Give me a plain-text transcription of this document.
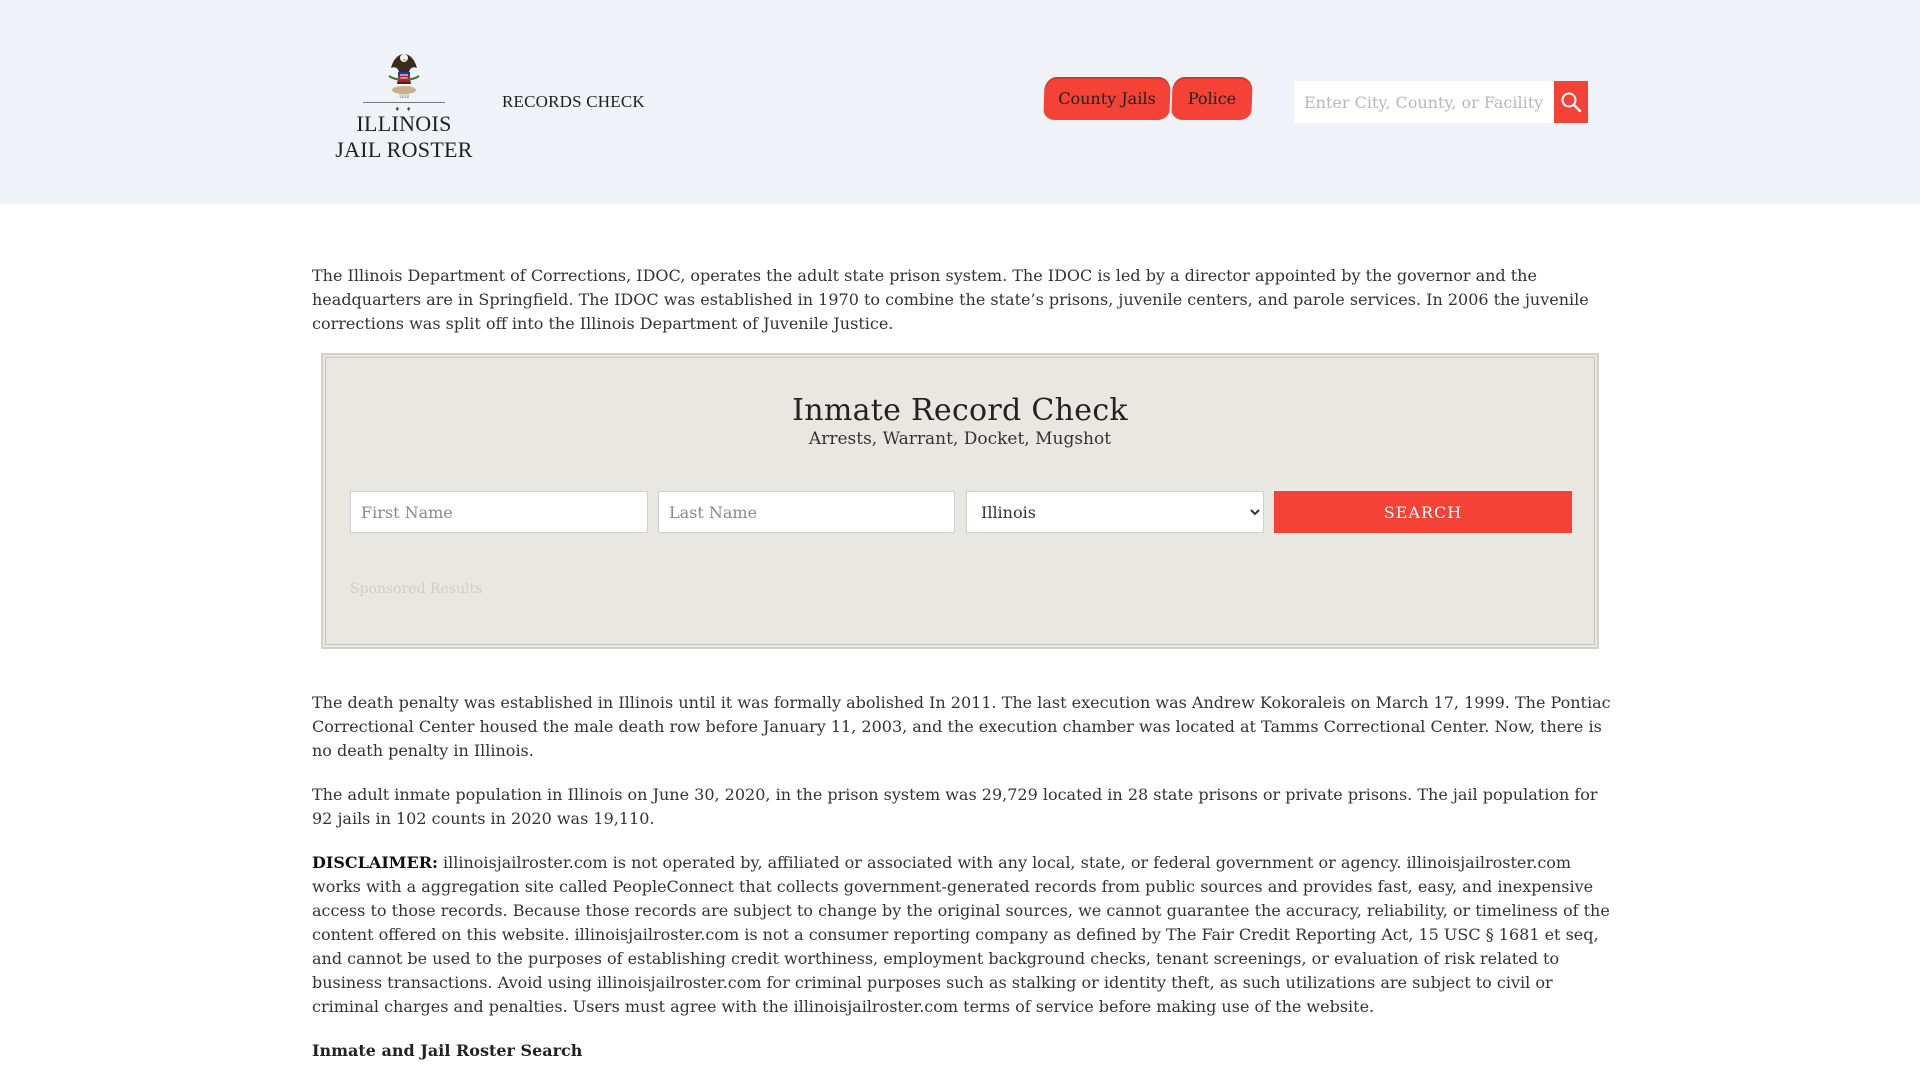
1818
♦ ♦
ILLINOIS
JAIL ROSTER
RECORDS CHECK	County Jails	Police
Enter City, County, or Facility

The Illinois Department of Corrections, IDOC, operates the adult state prison system. The IDOC is led by a director appointed by the governor and the headquarters are in Springfield. The IDOC was established in 1970 to combine the state’s prisons, juvenile centers, and parole services. In 2006 the juvenile corrections was split off into the Illinois Department of Juvenile Justice.

Inmate Record Check
Arrests, Warrant, Docket, Mugshot
First Name
Last Name
Illinois
SEARCH
Sponsored Results

The death penalty was established in Illinois until it was formally abolished In 2011. The last execution was Andrew Kokoraleis on March 17, 1999. The Pontiac Correctional Center housed the male death row before January 11, 2003, and the execution chamber was located at Tamms Correctional Center. Now, there is no death penalty in Illinois.

The adult inmate population in Illinois on June 30, 2020, in the prison system was 29,729 located in 28 state prisons or private prisons. The jail population for 92 jails in 102 counts in 2020 was 19,110.

DISCLAIMER: illinoisjailroster.com is not operated by, affiliated or associated with any local, state, or federal government or agency. illinoisjailroster.com works with a aggregation site called PeopleConnect that collects government-generated records from public sources and provides fast, easy, and inexpensive access to those records. Because those records are subject to change by the original sources, we cannot guarantee the accuracy, reliability, or timeliness of the content offered on this website. illinoisjailroster.com is not a consumer reporting company as defined by The Fair Credit Reporting Act, 15 USC § 1681 et seq, and cannot be used to the purposes of establishing credit worthiness, employment background checks, tenant screenings, or evaluation of risk related to business transactions. Avoid using illinoisjailroster.com for criminal purposes such as stalking or identity theft, as such utilizations are subject to civil or criminal charges and penalties. Users must agree with the illinoisjailroster.com terms of service before making use of the website.

Inmate and Jail Roster Search
